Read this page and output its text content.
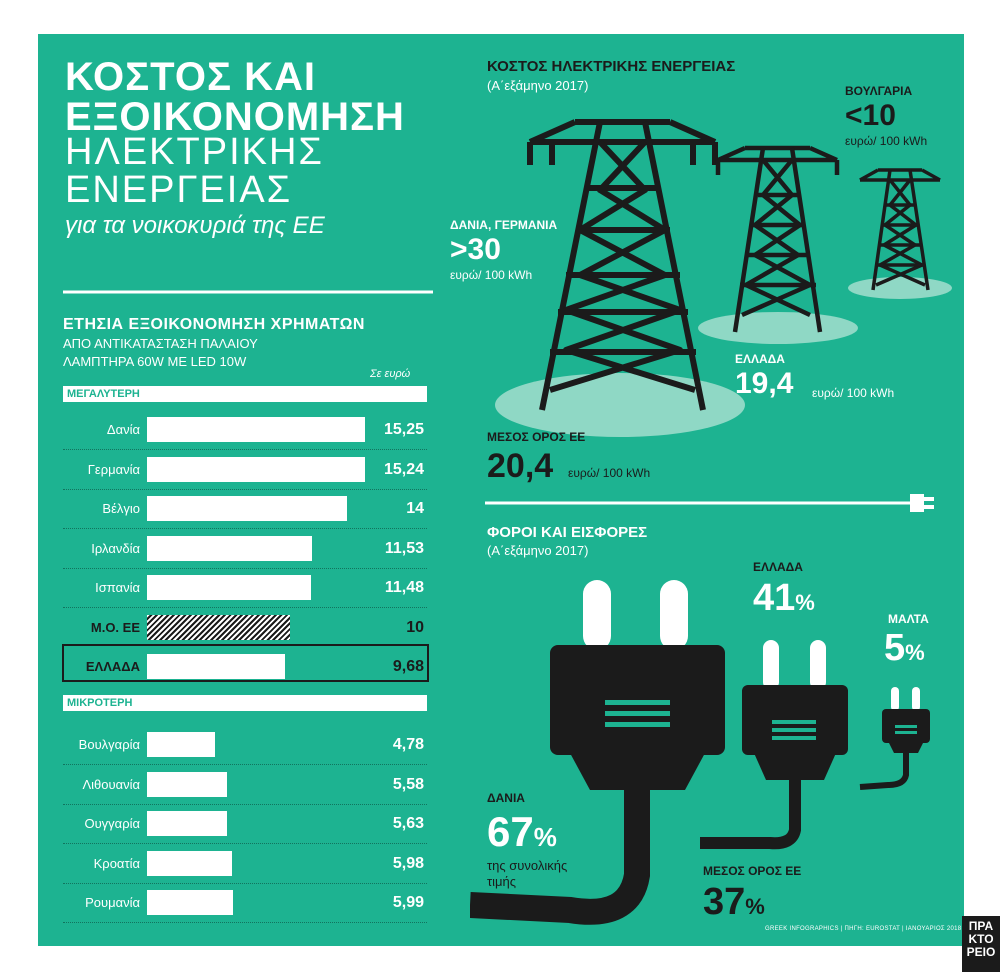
ΚΟΣΤΟΣ ΚΑΙ
ΕΞΟΙΚΟΝΟΜΗΣΗ
ΗΛΕΚΤΡΙΚΗΣ
ΕΝΕΡΓΕΙΑΣ
για τα νοικοκυριά της ΕΕ
ΕΤΗΣΙΑ ΕΞΟΙΚΟΝΟΜΗΣΗ ΧΡΗΜΑΤΩΝ
ΑΠΟ ΑΝΤΙΚΑΤΑΣΤΑΣΗ ΠΑΛΑΙΟΥ
ΛΑΜΠΤΗΡΑ 60W ΜΕ LED 10W
Σε ευρώ
ΜΕΓΑΛΥΤΕΡΗ
ΜΙΚΡΟΤΕΡΗ
Δανία	15,25
Γερμανία	15,24
Βέλγιο	14
Ιρλανδία	11,53
Ισπανία	11,48
Μ.Ο. ΕΕ	10
ΕΛΛΑΔΑ	9,68
Βουλγαρία	4,78
Λιθουανία	5,58
Ουγγαρία	5,63
Κροατία	5,98
Ρουμανία	5,99
ΚΟΣΤΟΣ ΗΛΕΚΤΡΙΚΗΣ ΕΝΕΡΓΕΙΑΣ
(Α΄εξάμηνο 2017)	ΒΟΥΛΓΑΡΙΑ
<10
ευρώ/ 100 kWh
ΔΑΝΙΑ, ΓΕΡΜΑΝΙΑ
>30
ευρώ/ 100 kWh
ΕΛΛΑΔΑ
19,4 ευρώ/ 100 kWh
ΜΕΣΟΣ ΟΡΟΣ ΕΕ
20,4 ευρώ/ 100 kWh
ΦΟΡΟΙ ΚΑΙ ΕΙΣΦΟΡΕΣ
(Α΄εξάμηνο 2017)
ΕΛΛΑΔΑ
41%
ΜΑΛΤΑ
5%
ΔΑΝΙΑ
67%
της συνολικής
τιμής
ΜΕΣΟΣ ΟΡΟΣ ΕΕ
37%
GREEK INFOGRAPHICS | ΠΗΓΗ: EUROSTAT | ΙΑΝΟΥΑΡΙΟΣ 2018 ΠΡΑ
ΚΤΟ
ΡΕΙΟ
